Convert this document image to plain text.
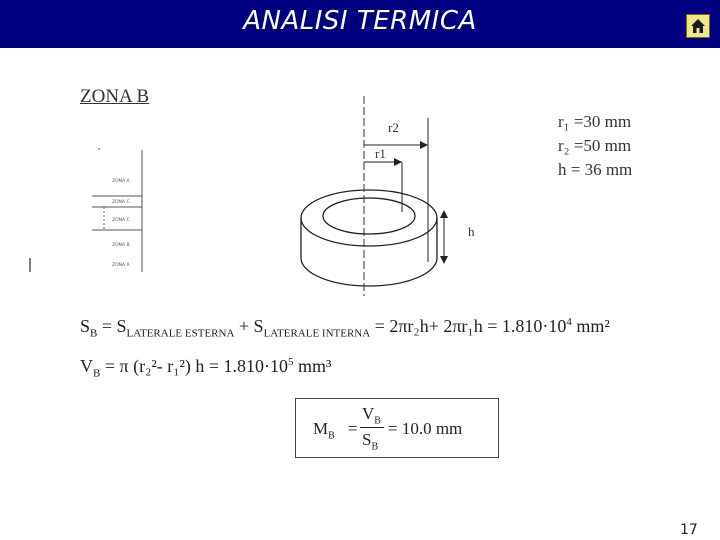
ANALISI TERMICA
ZONA B
ZONA A
ZONA C
ZONA C
ZONA B
ZONA A
r2
r1
h
r₁ =30 mm
r₂ =50 mm
h = 36 mm
$S_B = S_{LATERALE ESTERNA} + S_{LATERALE INTERNA} = 2\pi r_2h+ 2\pi r_1h = 1.810\cdot 10^4$ mm²
$V_B = \pi$ (r₂²- r₁²) $h = 1.810\cdot 10^5$ mm³
$M_B$ =
$V_B$
$S_B$
= 10.0 mm
17
